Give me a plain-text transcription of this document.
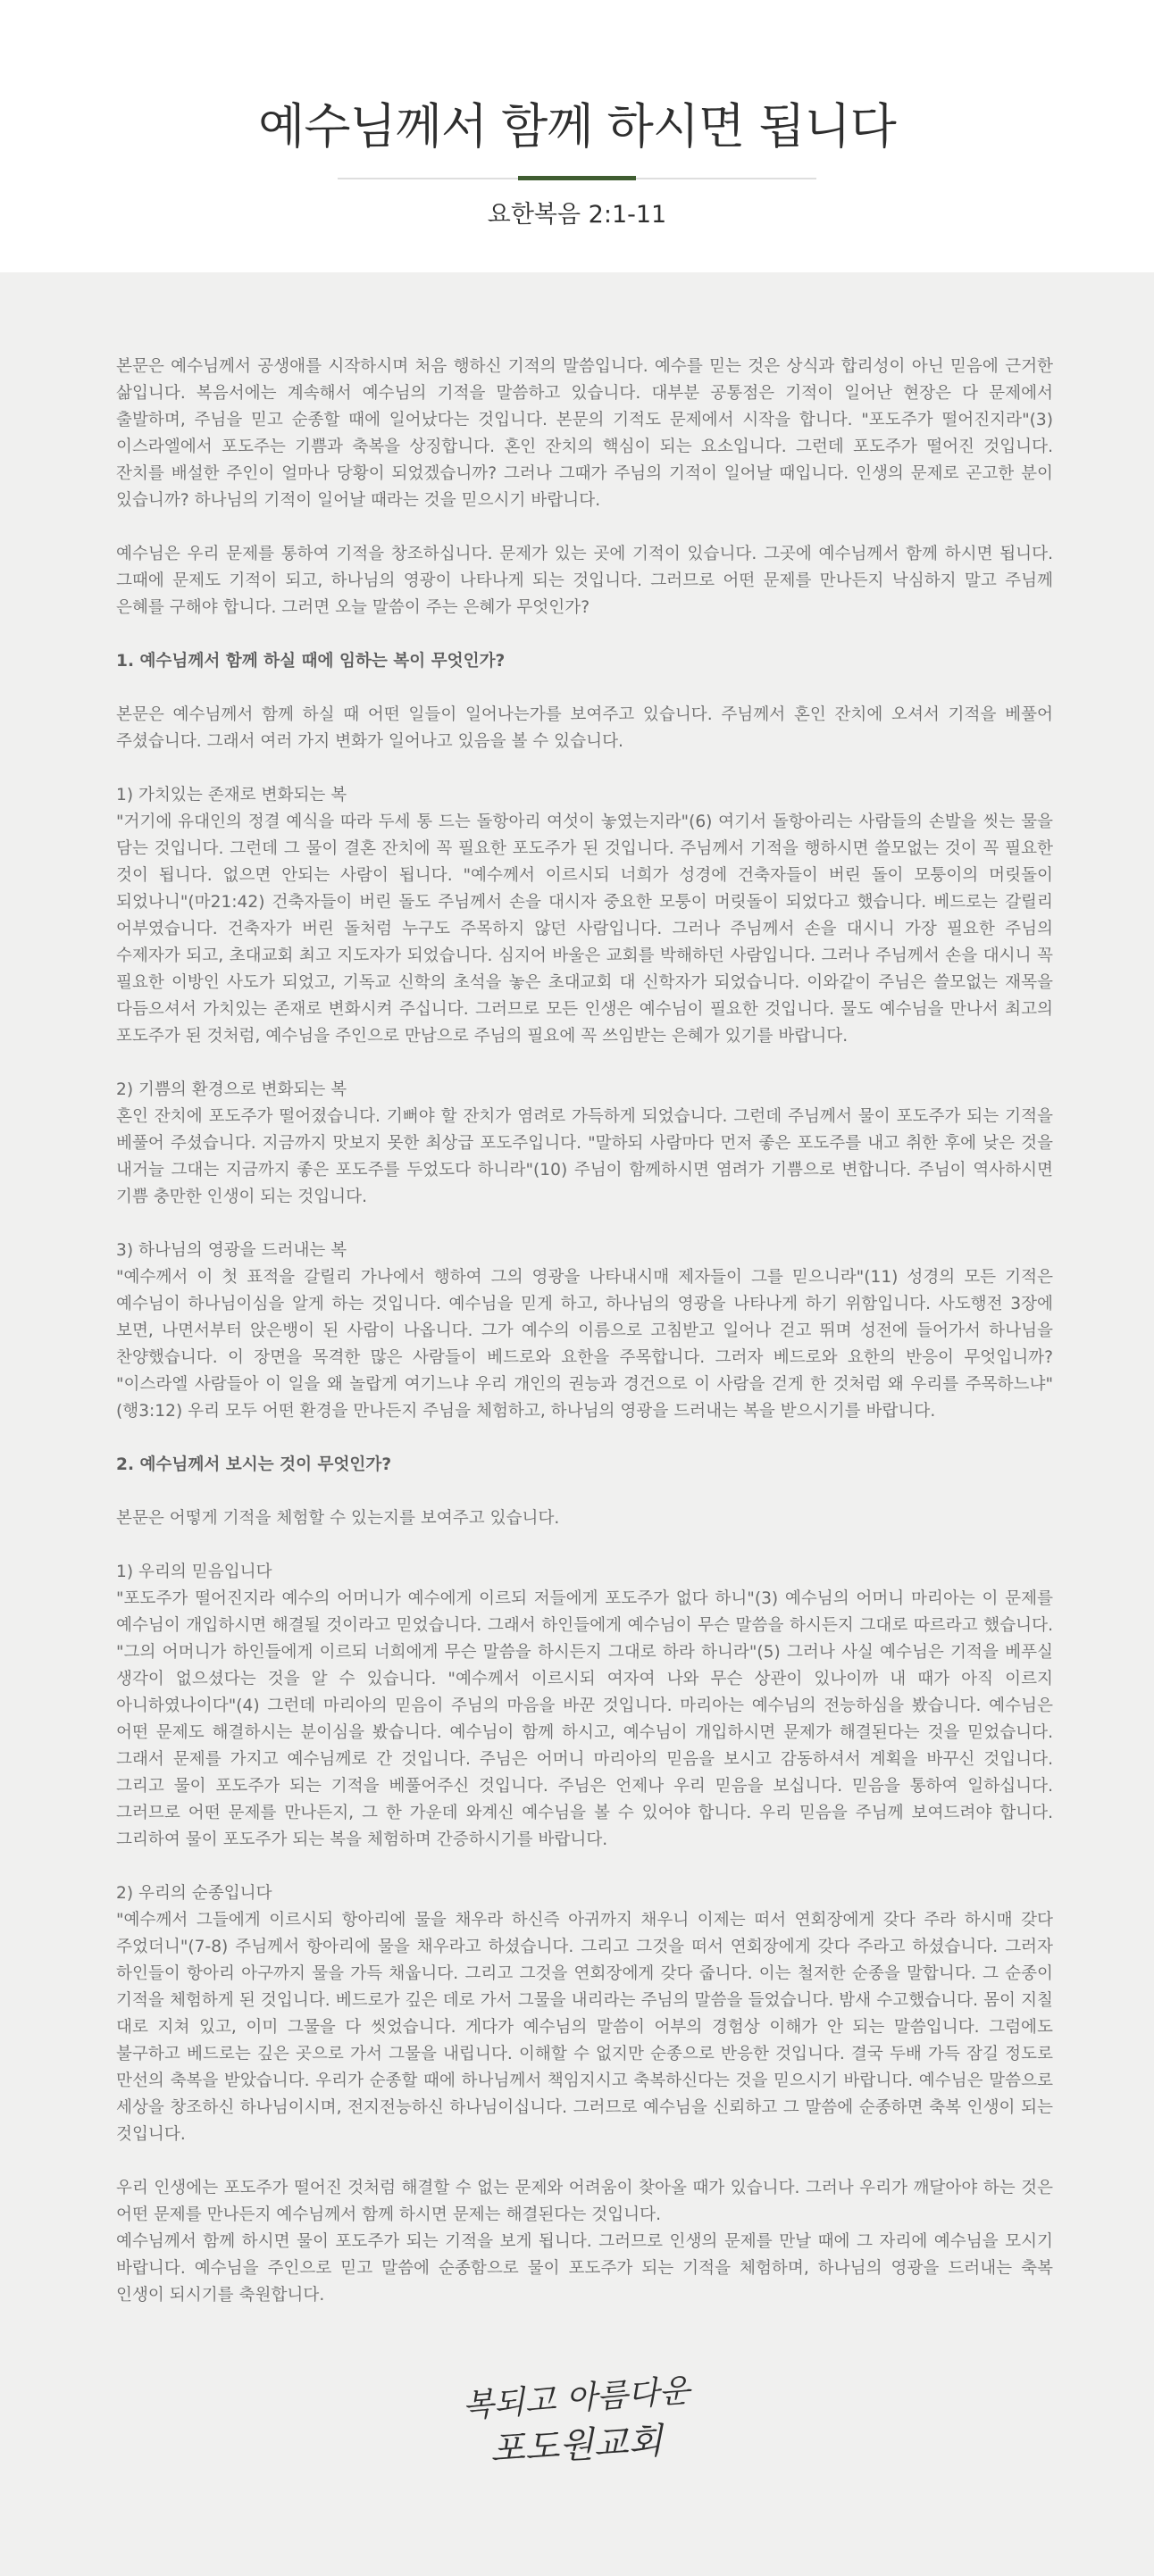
예수님께서 함께 하시면 됩니다
요한복음 2:1-11

본문은 예수님께서 공생애를 시작하시며 처음 행하신 기적의 말씀입니다. 예수를 믿는 것은 상식과 합리성이 아닌 믿음에 근거한 삶입니다. 복음서에는 계속해서 예수님의 기적을 말씀하고 있습니다. 대부분 공통점은 기적이 일어난 현장은 다 문제에서 출발하며, 주님을 믿고 순종할 때에 일어났다는 것입니다. 본문의 기적도 문제에서 시작을 합니다. "포도주가 떨어진지라"(3) 이스라엘에서 포도주는 기쁨과 축복을 상징합니다. 혼인 잔치의 핵심이 되는 요소입니다. 그런데 포도주가 떨어진 것입니다. 잔치를 배설한 주인이 얼마나 당황이 되었겠습니까? 그러나 그때가 주님의 기적이 일어날 때입니다. 인생의 문제로 곤고한 분이 있습니까? 하나님의 기적이 일어날 때라는 것을 믿으시기 바랍니다.

예수님은 우리 문제를 통하여 기적을 창조하십니다. 문제가 있는 곳에 기적이 있습니다. 그곳에 예수님께서 함께 하시면 됩니다. 그때에 문제도 기적이 되고, 하나님의 영광이 나타나게 되는 것입니다. 그러므로 어떤 문제를 만나든지 낙심하지 말고 주님께 은혜를 구해야 합니다. 그러면 오늘 말씀이 주는 은혜가 무엇인가?

1. 예수님께서 함께 하실 때에 임하는 복이 무엇인가?

본문은 예수님께서 함께 하실 때 어떤 일들이 일어나는가를 보여주고 있습니다. 주님께서 혼인 잔치에 오셔서 기적을 베풀어 주셨습니다. 그래서 여러 가지 변화가 일어나고 있음을 볼 수 있습니다.

1) 가치있는 존재로 변화되는 복
"거기에 유대인의 정결 예식을 따라 두세 통 드는 돌항아리 여섯이 놓였는지라"(6) 여기서 돌항아리는 사람들의 손발을 씻는 물을 담는 것입니다. 그런데 그 물이 결혼 잔치에 꼭 필요한 포도주가 된 것입니다. 주님께서 기적을 행하시면 쓸모없는 것이 꼭 필요한 것이 됩니다. 없으면 안되는 사람이 됩니다. "예수께서 이르시되 너희가 성경에 건축자들이 버린 돌이 모퉁이의 머릿돌이 되었나니"(마21:42) 건축자들이 버린 돌도 주님께서 손을 대시자 중요한 모퉁이 머릿돌이 되었다고 했습니다. 베드로는 갈릴리 어부였습니다. 건축자가 버린 돌처럼 누구도 주목하지 않던 사람입니다. 그러나 주님께서 손을 대시니 가장 필요한 주님의 수제자가 되고, 초대교회 최고 지도자가 되었습니다. 심지어 바울은 교회를 박해하던 사람입니다. 그러나 주님께서 손을 대시니 꼭 필요한 이방인 사도가 되었고, 기독교 신학의 초석을 놓은 초대교회 대 신학자가 되었습니다. 이와같이 주님은 쓸모없는 재목을 다듬으셔서 가치있는 존재로 변화시켜 주십니다. 그러므로 모든 인생은 예수님이 필요한 것입니다. 물도 예수님을 만나서 최고의 포도주가 된 것처럼, 예수님을 주인으로 만남으로 주님의 필요에 꼭 쓰임받는 은혜가 있기를 바랍니다.

2) 기쁨의 환경으로 변화되는 복
혼인 잔치에 포도주가 떨어졌습니다. 기뻐야 할 잔치가 염려로 가득하게 되었습니다. 그런데 주님께서 물이 포도주가 되는 기적을 베풀어 주셨습니다. 지금까지 맛보지 못한 최상급 포도주입니다. "말하되 사람마다 먼저 좋은 포도주를 내고 취한 후에 낮은 것을 내거늘 그대는 지금까지 좋은 포도주를 두었도다 하니라"(10) 주님이 함께하시면 염려가 기쁨으로 변합니다. 주님이 역사하시면 기쁨 충만한 인생이 되는 것입니다.

3) 하나님의 영광을 드러내는 복
"예수께서 이 첫 표적을 갈릴리 가나에서 행하여 그의 영광을 나타내시매 제자들이 그를 믿으니라"(11) 성경의 모든 기적은 예수님이 하나님이심을 알게 하는 것입니다. 예수님을 믿게 하고, 하나님의 영광을 나타나게 하기 위함입니다. 사도행전 3장에 보면, 나면서부터 앉은뱅이 된 사람이 나옵니다. 그가 예수의 이름으로 고침받고 일어나 걷고 뛰며 성전에 들어가서 하나님을 찬양했습니다. 이 장면을 목격한 많은 사람들이 베드로와 요한을 주목합니다. 그러자 베드로와 요한의 반응이 무엇입니까? "이스라엘 사람들아 이 일을 왜 놀랍게 여기느냐 우리 개인의 권능과 경건으로 이 사람을 걷게 한 것처럼 왜 우리를 주목하느냐"(행3:12) 우리 모두 어떤 환경을 만나든지 주님을 체험하고, 하나님의 영광을 드러내는 복을 받으시기를 바랍니다.

2. 예수님께서 보시는 것이 무엇인가?

본문은 어떻게 기적을 체험할 수 있는지를 보여주고 있습니다.

1) 우리의 믿음입니다
"포도주가 떨어진지라 예수의 어머니가 예수에게 이르되 저들에게 포도주가 없다 하니"(3) 예수님의 어머니 마리아는 이 문제를 예수님이 개입하시면 해결될 것이라고 믿었습니다. 그래서 하인들에게 예수님이 무슨 말씀을 하시든지 그대로 따르라고 했습니다. "그의 어머니가 하인들에게 이르되 너희에게 무슨 말씀을 하시든지 그대로 하라 하니라"(5) 그러나 사실 예수님은 기적을 베푸실 생각이 없으셨다는 것을 알 수 있습니다. "예수께서 이르시되 여자여 나와 무슨 상관이 있나이까 내 때가 아직 이르지 아니하였나이다"(4) 그런데 마리아의 믿음이 주님의 마음을 바꾼 것입니다. 마리아는 예수님의 전능하심을 봤습니다. 예수님은 어떤 문제도 해결하시는 분이심을 봤습니다. 예수님이 함께 하시고, 예수님이 개입하시면 문제가 해결된다는 것을 믿었습니다. 그래서 문제를 가지고 예수님께로 간 것입니다. 주님은 어머니 마리아의 믿음을 보시고 감동하셔서 계획을 바꾸신 것입니다. 그리고 물이 포도주가 되는 기적을 베풀어주신 것입니다. 주님은 언제나 우리 믿음을 보십니다. 믿음을 통하여 일하십니다. 그러므로 어떤 문제를 만나든지, 그 한 가운데 와계신 예수님을 볼 수 있어야 합니다. 우리 믿음을 주님께 보여드려야 합니다. 그리하여 물이 포도주가 되는 복을 체험하며 간증하시기를 바랍니다.

2) 우리의 순종입니다
"예수께서 그들에게 이르시되 항아리에 물을 채우라 하신즉 아귀까지 채우니 이제는 떠서 연회장에게 갖다 주라 하시매 갖다 주었더니"(7-8) 주님께서 항아리에 물을 채우라고 하셨습니다. 그리고 그것을 떠서 연회장에게 갖다 주라고 하셨습니다. 그러자 하인들이 항아리 아구까지 물을 가득 채웁니다. 그리고 그것을 연회장에게 갖다 줍니다. 이는 철저한 순종을 말합니다. 그 순종이 기적을 체험하게 된 것입니다. 베드로가 깊은 데로 가서 그물을 내리라는 주님의 말씀을 들었습니다. 밤새 수고했습니다. 몸이 지칠 대로 지쳐 있고, 이미 그물을 다 씻었습니다. 게다가 예수님의 말씀이 어부의 경험상 이해가 안 되는 말씀입니다. 그럼에도 불구하고 베드로는 깊은 곳으로 가서 그물을 내립니다. 이해할 수 없지만 순종으로 반응한 것입니다. 결국 두배 가득 잠길 정도로 만선의 축복을 받았습니다. 우리가 순종할 때에 하나님께서 책임지시고 축복하신다는 것을 믿으시기 바랍니다. 예수님은 말씀으로 세상을 창조하신 하나님이시며, 전지전능하신 하나님이십니다. 그러므로 예수님을 신뢰하고 그 말씀에 순종하면 축복 인생이 되는 것입니다.

우리 인생에는 포도주가 떨어진 것처럼 해결할 수 없는 문제와 어려움이 찾아올 때가 있습니다. 그러나 우리가 깨달아야 하는 것은 어떤 문제를 만나든지 예수님께서 함께 하시면 문제는 해결된다는 것입니다.

예수님께서 함께 하시면 물이 포도주가 되는 기적을 보게 됩니다. 그러므로 인생의 문제를 만날 때에 그 자리에 예수님을 모시기 바랍니다. 예수님을 주인으로 믿고 말씀에 순종함으로 물이 포도주가 되는 기적을 체험하며, 하나님의 영광을 드러내는 축복 인생이 되시기를 축원합니다.

복되고 아름다운
포도원교회
